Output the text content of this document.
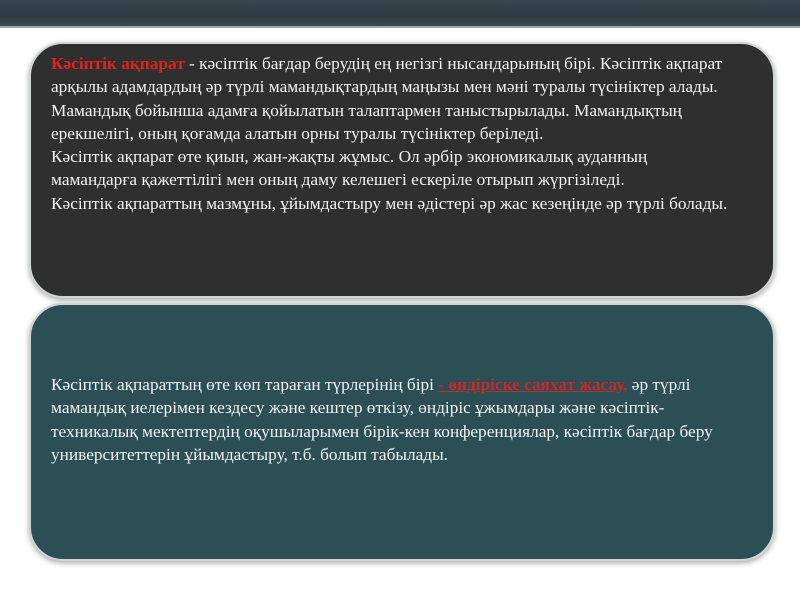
Кәсіптік ақпарат - кәсіптік бағдар берудің ең негізгі нысандарының бірі. Кәсіптік ақпарат арқылы адамдардың әр түрлі мамандықтардың маңызы мен мәні туралы түсініктер алады. Мамандық бойынша адамға қойылатын талаптармен таныстырылады. Мамандықтың ерекшелігі, оның қоғамда алатын орны туралы түсініктер беріледі.

Кәсіптік ақпарат өте қиын, жан-жақты жұмыс. Ол әрбір экономикалық ауданның мамандарға қажеттілігі мен оның даму келешегі ескеріле отырып жүргізіледі.

Кәсіптік ақпараттың мазмұны, ұйымдастыру мен әдістері әр жас кезеңінде әр түрлі болады.

Кәсіптік ақпараттың өте көп тараған түрлерінің бірі - өндіріске саяхат жасау, әр түрлі мамандық иелерімен кездесу және кештер өткізу, өндіріс ұжымдары және кәсіптік-техникалық мектептердің оқушыларымен бірік-кен конференциялар, кәсіптік бағдар беру университеттерін ұйымдастыру, т.б. болып табылады.
